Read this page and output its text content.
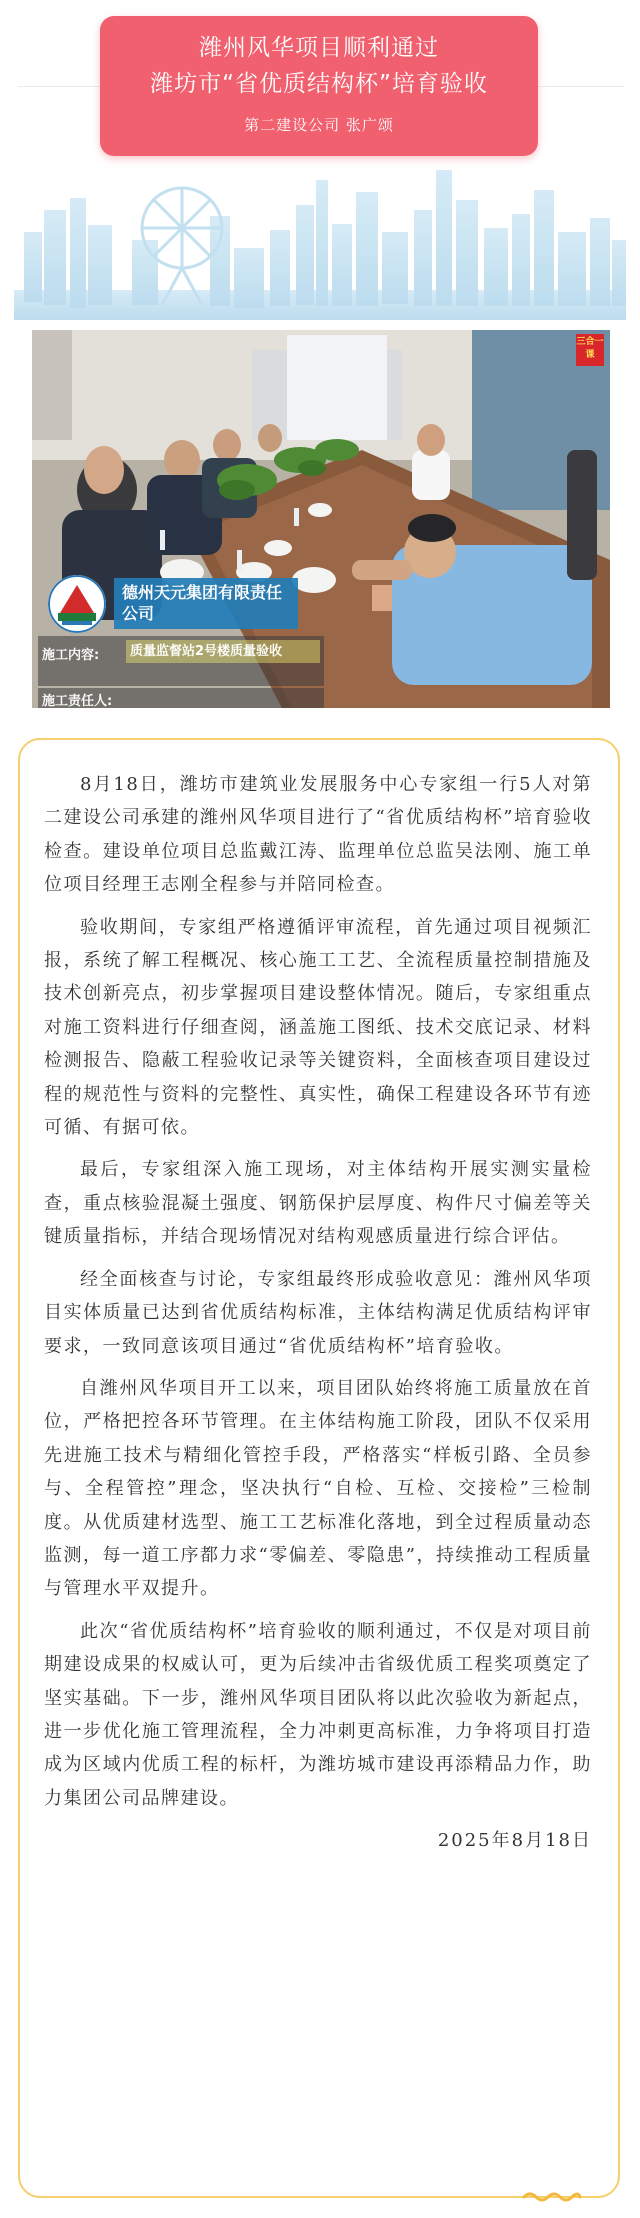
潍州风华项目顺利通过
潍坊市“省优质结构杯”培育验收
第二建设公司 张广颂
三合一课
德州天元集团有限责任公司
施工内容:	质量监督站2号楼质量验收
施工责任人:

8月18日，潍坊市建筑业发展服务中心专家组一行5人对第二建设公司承建的潍州风华项目进行了“省优质结构杯”培育验收检查。建设单位项目总监戴江涛、监理单位总监吴法刚、施工单位项目经理王志刚全程参与并陪同检查。

验收期间，专家组严格遵循评审流程，首先通过项目视频汇报，系统了解工程概况、核心施工工艺、全流程质量控制措施及技术创新亮点，初步掌握项目建设整体情况。随后，专家组重点对施工资料进行仔细查阅，涵盖施工图纸、技术交底记录、材料检测报告、隐蔽工程验收记录等关键资料，全面核查项目建设过程的规范性与资料的完整性、真实性，确保工程建设各环节有迹可循、有据可依。

最后，专家组深入施工现场，对主体结构开展实测实量检查，重点核验混凝土强度、钢筋保护层厚度、构件尺寸偏差等关键质量指标，并结合现场情况对结构观感质量进行综合评估。

经全面核查与讨论，专家组最终形成验收意见：潍州风华项目实体质量已达到省优质结构标准，主体结构满足优质结构评审要求，一致同意该项目通过“省优质结构杯”培育验收。

自潍州风华项目开工以来，项目团队始终将施工质量放在首位，严格把控各环节管理。在主体结构施工阶段，团队不仅采用先进施工技术与精细化管控手段，严格落实“样板引路、全员参与、全程管控”理念，坚决执行“自检、互检、交接检”三检制度。从优质建材选型、施工工艺标准化落地，到全过程质量动态监测，每一道工序都力求“零偏差、零隐患”，持续推动工程质量与管理水平双提升。

此次“省优质结构杯”培育验收的顺利通过，不仅是对项目前期建设成果的权威认可，更为后续冲击省级优质工程奖项奠定了坚实基础。下一步，潍州风华项目团队将以此次验收为新起点，进一步优化施工管理流程，全力冲刺更高标准，力争将项目打造成为区域内优质工程的标杆，为潍坊城市建设再添精品力作，助力集团公司品牌建设。

2025年8月18日
